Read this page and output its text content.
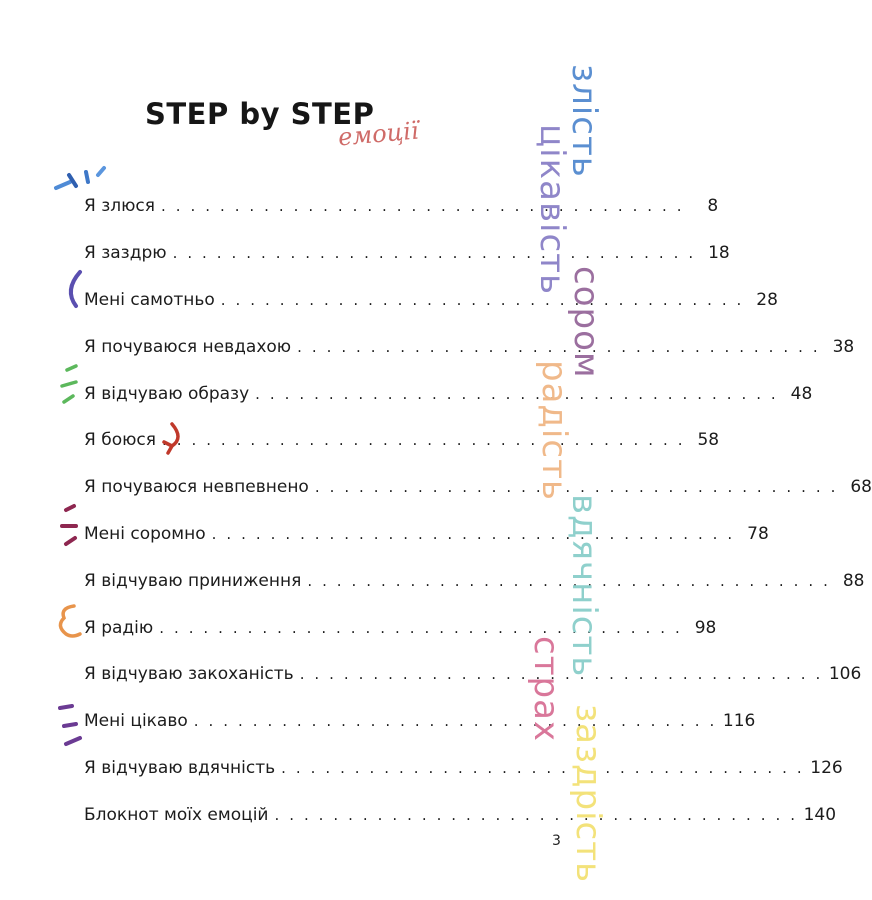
STEP by STEP
емоції
Я злюся . . . . . . . . . . . . . . . . . . . . . . . . . . . . . . . . . . . .	8
Я заздрю . . . . . . . . . . . . . . . . . . . . . . . . . . . . . . . . . . . . 18
Мені самотньо . . . . . . . . . . . . . . . . . . . . . . . . . . . . . . . . . . . . 28
Я почуваюся невдахою . . . . . . . . . . . . . . . . . . . . . . . . . . . . . . . . . . . . 38
Я відчуваю образу . . . . . . . . . . . . . . . . . . . . . . . . . . . . . . . . . . . . 48
Я боюся . . . . . . . . . . . . . . . . . . . . . . . . . . . . . . . . . . . . 58
Я почуваюся невпевнено . . . . . . . . . . . . . . . . . . . . . . . . . . . . . . . . . . . . 68
Мені соромно . . . . . . . . . . . . . . . . . . . . . . . . . . . . . . . . . . . . 78
Я відчуваю приниження . . . . . . . . . . . . . . . . . . . . . . . . . . . . . . . . . . . . 88
Я радію . . . . . . . . . . . . . . . . . . . . . . . . . . . . . . . . . . . . 98
Я відчуваю закоханість . . . . . . . . . . . . . . . . . . . . . . . . . . . . . . . . . . . . 106
Мені цікаво . . . . . . . . . . . . . . . . . . . . . . . . . . . . . . . . . . . . 116
Я відчуваю вдячність . . . . . . . . . . . . . . . . . . . . . . . . . . . . . . . . . . . . 126
Блокнот моїх емоцій . . . . . . . . . . . . . . . . . . . . . . . . . . . . . . . . . . . . 140
злість
цікавість
сором
радість
вдячність
страх
заздрість
3
